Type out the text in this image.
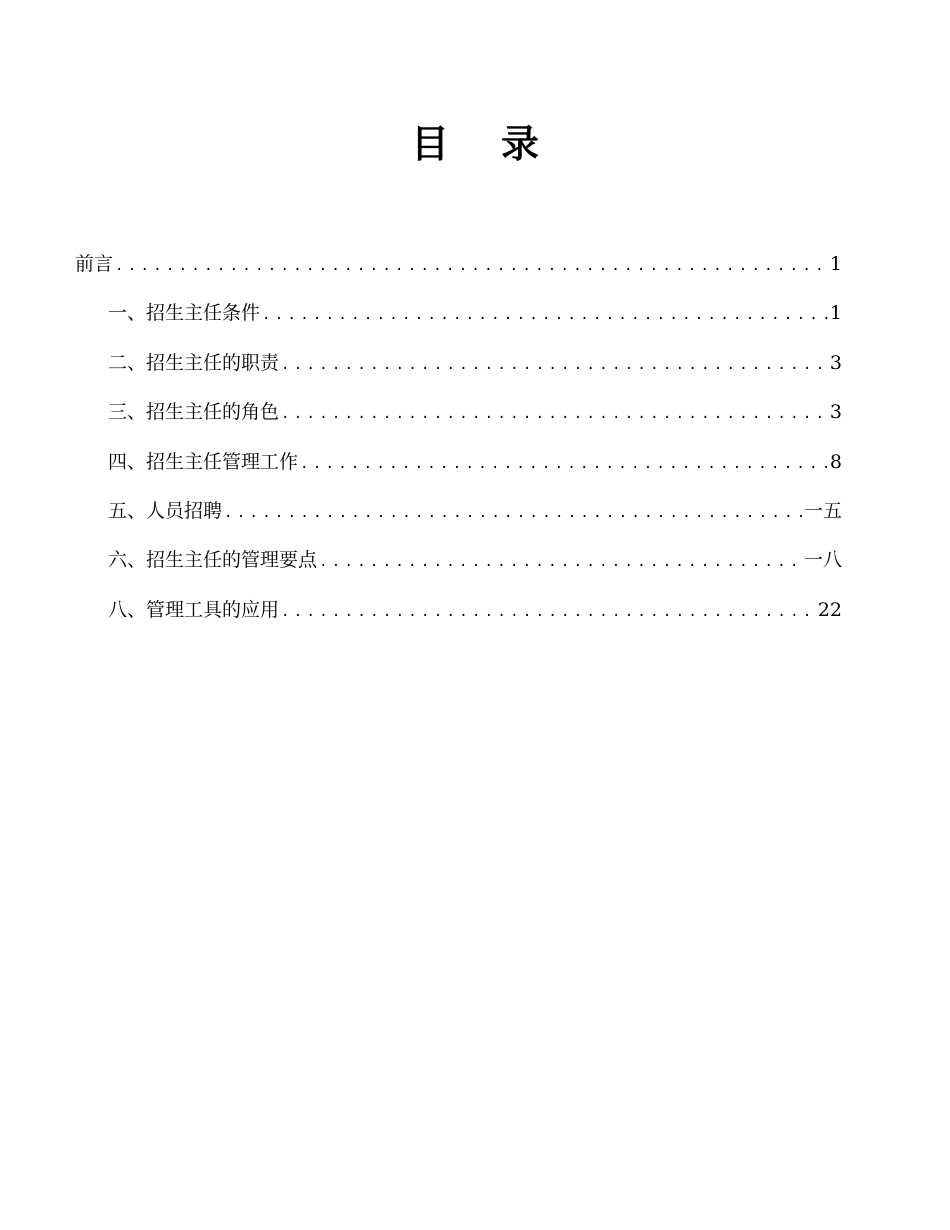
目录
前言 .....	1
一、招生主任条件 .....	1
二、招生主任的职责 .....	3
三、招生主任的角色 .....	3
四、招生主任管理工作 .....	8
五、人员招聘 .....	一五
六、招生主任的管理要点 .....	一八
八、管理工具的应用 .....	22
